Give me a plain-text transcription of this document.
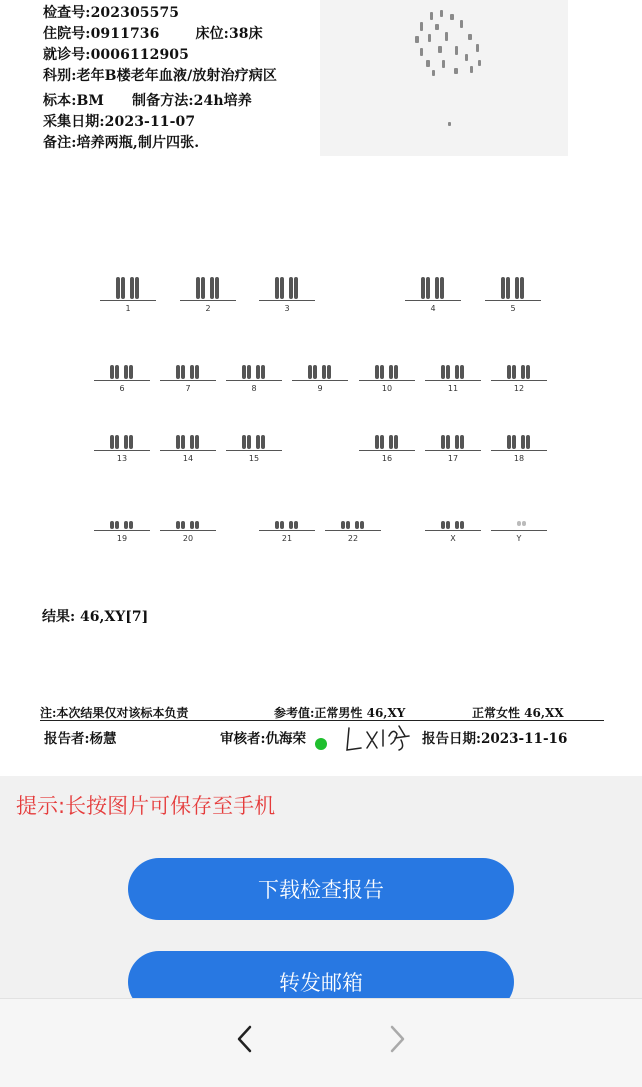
检查号:202305575
住院号:0911736	床位:38床
就诊号:0006112905
科别:老年B楼老年血液/放射治疗病区
标本:BM 制备方法:24h培养
采集日期:2023-11-07
备注:培养两瓶,制片四张.
1	2	3	4	5
6	7	8	9	10	11	12
13	14	15	16	17	18
19	20	21	22	X	Y
结果: 46,XY[7]
注:本次结果仅对该标本负责	参考值:正常男性 46,XY	正常女性 46,XX
报告者:杨慧	审核者:仇海荣	报告日期:2023-11-16
提示:长按图片可保存至手机
下载检查报告
转发邮箱
